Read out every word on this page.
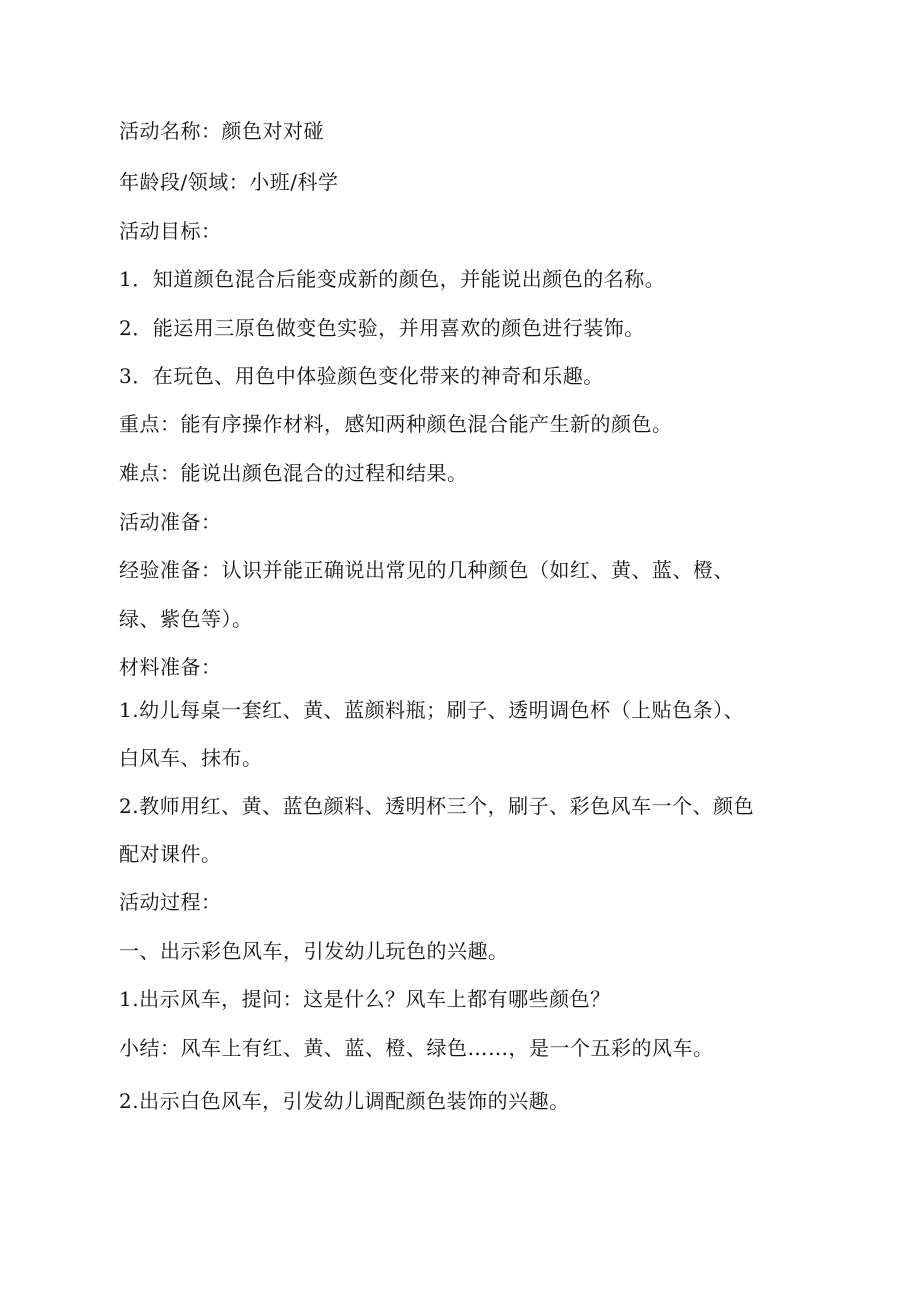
活动名称：颜色对对碰
年龄段/领域：小班/科学
活动目标：
1．知道颜色混合后能变成新的颜色，并能说出颜色的名称。
2．能运用三原色做变色实验，并用喜欢的颜色进行装饰。
3．在玩色、用色中体验颜色变化带来的神奇和乐趣。
重点：能有序操作材料，感知两种颜色混合能产生新的颜色。
难点：能说出颜色混合的过程和结果。
活动准备：
经验准备：认识并能正确说出常见的几种颜色（如红、黄、蓝、橙、
绿、紫色等）。
材料准备：
1.幼儿每桌一套红、黄、蓝颜料瓶；刷子、透明调色杯（上贴色条）、
白风车、抹布。
2.教师用红、黄、蓝色颜料、透明杯三个，刷子、彩色风车一个、颜色
配对课件。
活动过程：
一、出示彩色风车，引发幼儿玩色的兴趣。
1.出示风车，提问：这是什么？风车上都有哪些颜色？
小结：风车上有红、黄、蓝、橙、绿色……，是一个五彩的风车。
2.出示白色风车，引发幼儿调配颜色装饰的兴趣。
